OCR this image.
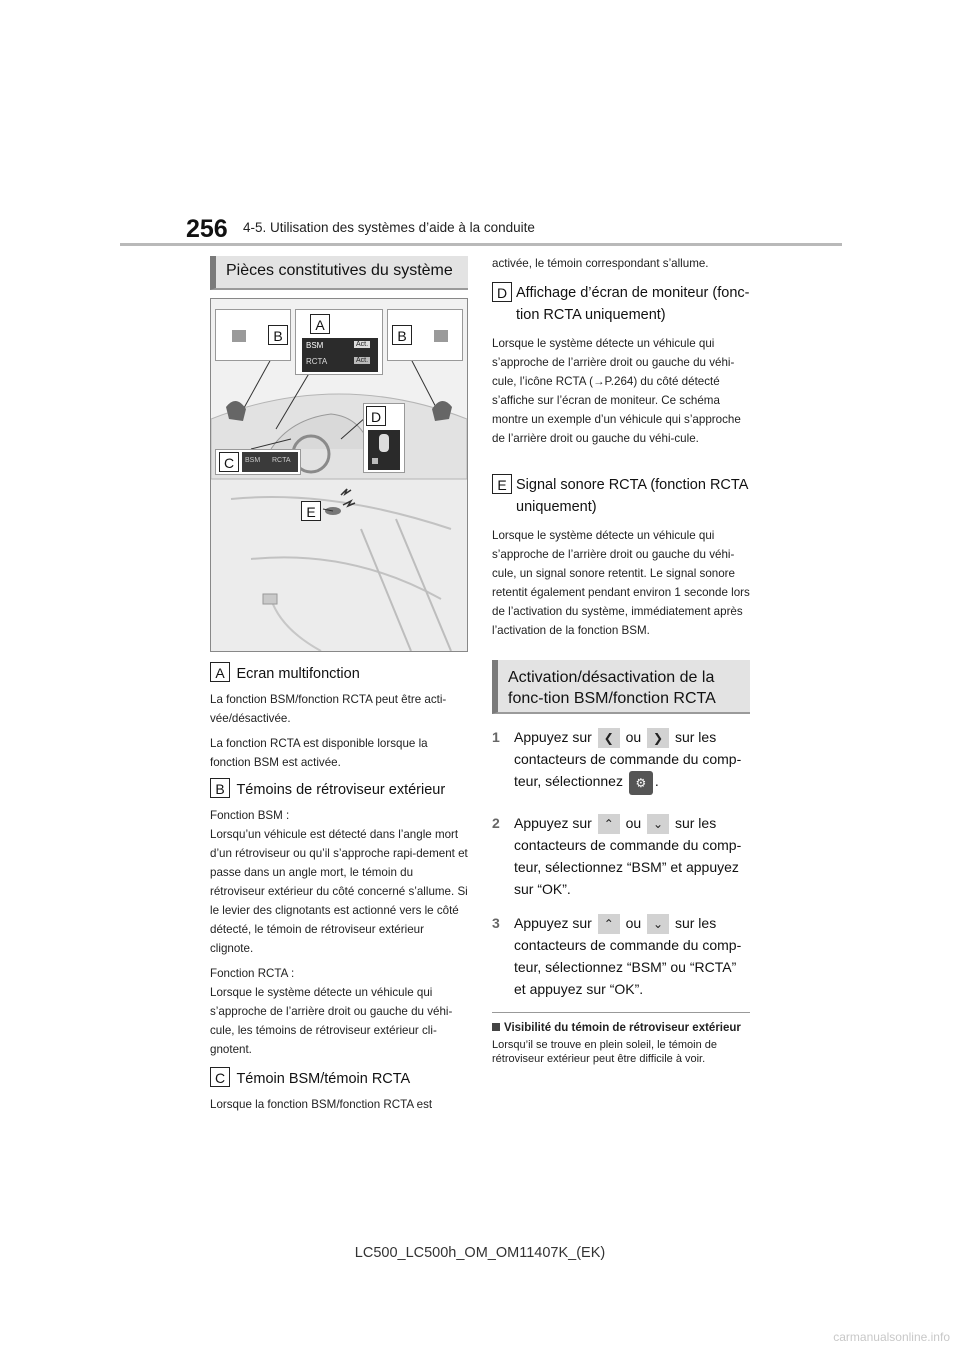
256 4-5. Utilisation des systèmes d’aide à la conduite
Pièces constitutives du système
B
A
BSM	Act.
RCTA	Act.
B
D
C	BSM RCTA
E
A Ecran multifonction
La fonction BSM/fonction RCTA peut être acti-vée/désactivée.
La fonction RCTA est disponible lorsque la fonction BSM est activée.
B Témoins de rétroviseur extérieur
Fonction BSM :
Lorsqu’un véhicule est détecté dans l’angle mort d’un rétroviseur ou qu’il s’approche rapi-dement et passe dans un angle mort, le témoin du rétroviseur extérieur du côté concerné s’allume. Si le levier des clignotants est actionné vers le côté détecté, le témoin de rétroviseur extérieur clignote.
Fonction RCTA :
Lorsque le système détecte un véhicule qui s’approche de l’arrière droit ou gauche du véhi-cule, les témoins de rétroviseur extérieur cli-gnotent.
C Témoin BSM/témoin RCTA
Lorsque la fonction BSM/fonction RCTA est
activée, le témoin correspondant s’allume.
D Affichage d’écran de moniteur (fonc-tion RCTA uniquement)
Lorsque le système détecte un véhicule qui s’approche de l’arrière droit ou gauche du véhi-cule, l’icône RCTA (→P.264) du côté détecté s’affiche sur l’écran de moniteur. Ce schéma montre un exemple d’un véhicule qui s’approche de l’arrière droit ou gauche du véhi-cule.
E Signal sonore RCTA (fonction RCTA uniquement)
Lorsque le système détecte un véhicule qui s’approche de l’arrière droit ou gauche du véhi-cule, un signal sonore retentit. Le signal sonore retentit également pendant environ 1 seconde lors de l’activation du système, immédiatement après l’activation de la fonction BSM.
Activation/désactivation de la fonc-tion BSM/fonction RCTA
1	Appuyez sur ❮ ou ❯ sur les contacteurs de commande du comp-teur, sélectionnez ⚙ .
2	Appuyez sur ⌃ ou ⌄ sur les contacteurs de commande du comp-teur, sélectionnez “BSM” et appuyez sur “OK”.
3	Appuyez sur ⌃ ou ⌄ sur les contacteurs de commande du comp-teur, sélectionnez “BSM” ou “RCTA” et appuyez sur “OK”.
Visibilité du témoin de rétroviseur extérieur
Lorsqu’il se trouve en plein soleil, le témoin de rétroviseur extérieur peut être difficile à voir.
LC500_LC500h_OM_OM11407K_(EK)
carmanualsonline.info
